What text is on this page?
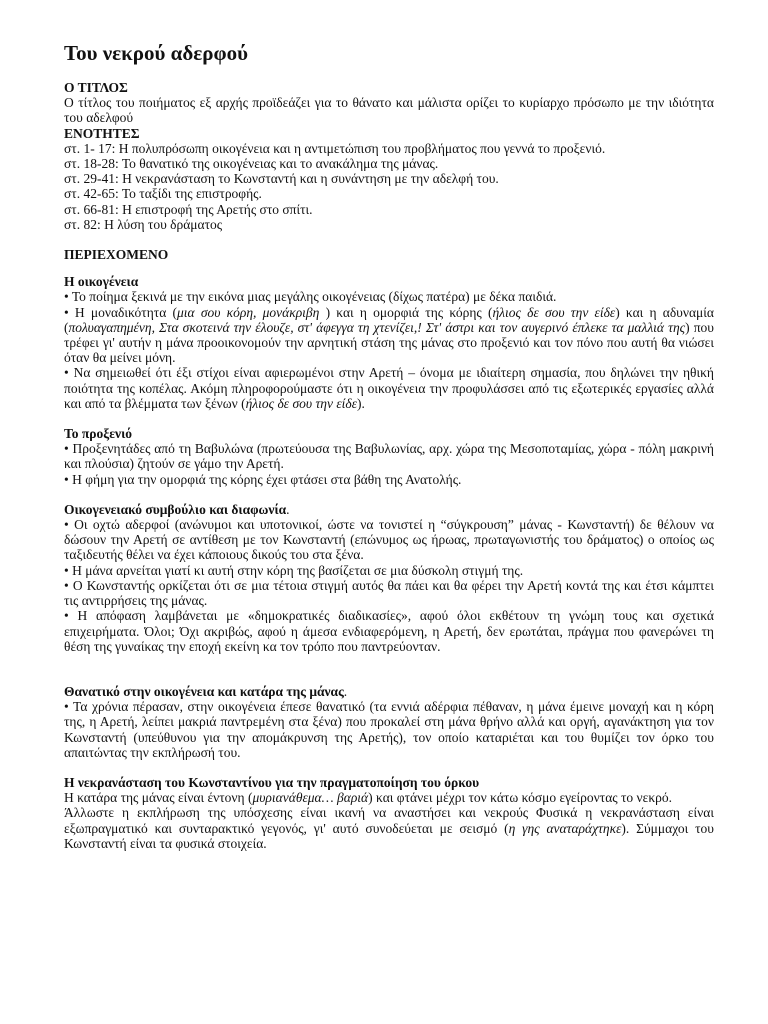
Του νεκρού αδερφού

Ο ΤΙΤΛΟΣ

Ο τίτλος του ποιήματος εξ αρχής προϊδεάζει για το θάνατο και μάλιστα ορίζει το κυρίαρχο πρόσωπο με την ιδιότητα του αδελφού

ΕΝΟΤΗΤΕΣ

στ. 1- 17: Η πολυπρόσωπη οικογένεια και η αντιμετώπιση του προβλήματος που γεννά το προξενιό.

στ. 18-28: Το θανατικό της οικογένειας και το ανακάλημα της μάνας.

στ. 29-41: Η νεκρανάσταση το Κωνσταντή και η συνάντηση με την αδελφή του.

στ. 42-65: Το ταξίδι της επιστροφής.

στ. 66-81: Η επιστροφή της Αρετής στο σπίτι.

στ. 82: Η λύση του δράματος

ΠΕΡΙΕΧΟΜΕΝΟ

Η οικογένεια

• Το ποίημα ξεκινά με την εικόνα μιας μεγάλης οικογένειας (δίχως πατέρα) με δέκα παιδιά.

• Η μοναδικότητα (μια σου κόρη, μονάκριβη ) και η ομορφιά της κόρης (ήλιος δε σου την είδε) και η αδυναμία (πολυαγαπημένη, Στα σκοτεινά την έλουζε, στ' άφεγγα τη χτενίζει,! Στ' άστρι και τον αυγερινό έπλεκε τα μαλλιά της) που τρέφει γι' αυτήν η μάνα προοικονομούν την αρνητική στάση της μάνας στο προξενιό και τον πόνο που αυτή θα νιώσει όταν θα μείνει μόνη.

• Να σημειωθεί ότι έξι στίχοι είναι αφιερωμένοι στην Αρετή – όνομα με ιδιαίτερη σημασία, που δηλώνει την ηθική ποιότητα της κοπέλας. Ακόμη πληροφορούμαστε ότι η οικογένεια την προφυλάσσει από τις εξωτερικές εργασίες αλλά και από τα βλέμματα των ξένων (ήλιος δε σου την είδε).

Το προξενιό

• Προξενητάδες από τη Βαβυλώνα (πρωτεύουσα της Βαβυλωνίας, αρχ. χώρα της Μεσοποταμίας, χώρα - πόλη μακρινή και πλούσια) ζητούν σε γάμο την Αρετή.

• Η φήμη για την ομορφιά της κόρης έχει φτάσει στα βάθη της Ανατολής.

Οικογενειακό συμβούλιο και διαφωνία.

• Οι οχτώ αδερφοί (ανώνυμοι και υποτονικοί, ώστε να τονιστεί η “σύγκρουση” μάνας - Κωνσταντή) δε θέλουν να δώσουν την Αρετή σε αντίθεση με τον Κωνσταντή (επώνυμος ως ήρωας, πρωταγωνιστής του δράματος) ο οποίος ως ταξιδευτής θέλει να έχει κάποιους δικούς του στα ξένα.

• Η μάνα αρνείται γιατί κι αυτή στην κόρη της βασίζεται σε μια δύσκολη στιγμή της.

• Ο Κωνσταντής ορκίζεται ότι σε μια τέτοια στιγμή αυτός θα πάει και θα φέρει την Αρετή κοντά της και έτσι κάμπτει τις αντιρρήσεις της μάνας.

• Η απόφαση λαμβάνεται με «δημοκρατικές διαδικασίες», αφού όλοι εκθέτουν τη γνώμη τους και σχετικά επιχειρήματα. Όλοι; Όχι ακριβώς, αφού η άμεσα ενδιαφερόμενη, η Αρετή, δεν ερωτάται, πράγμα που φανερώνει τη θέση της γυναίκας την εποχή εκείνη κα τον τρόπο που παντρεύονταν.

Θανατικό στην οικογένεια και κατάρα της μάνας.

• Τα χρόνια πέρασαν, στην οικογένεια έπεσε θανατικό (τα εννιά αδέρφια πέθαναν, η μάνα έμεινε μοναχή και η κόρη της, η Αρετή, λείπει μακριά παντρεμένη στα ξένα) που προκαλεί στη μάνα θρήνο αλλά και οργή, αγανάκτηση για τον Κωνσταντή (υπεύθυνου για την απομάκρυνση της Αρετής), τον οποίο καταριέται και του θυμίζει τον όρκο του απαιτώντας την εκπλήρωσή του.

Η νεκρανάσταση του Κωνσταντίνου για την πραγματοποίηση του όρκου

Η κατάρα της μάνας είναι έντονη (μυριανάθεμα… βαριά) και φτάνει μέχρι τον κάτω κόσμο εγείροντας το νεκρό.

Άλλωστε η εκπλήρωση της υπόσχεσης είναι ικανή να αναστήσει και νεκρούς Φυσικά η νεκρανάσταση είναι εξωπραγματικό και συνταρακτικό γεγονός, γι' αυτό συνοδεύεται με σεισμό (η γης αναταράχτηκε). Σύμμαχοι του Κωνσταντή είναι τα φυσικά στοιχεία.
